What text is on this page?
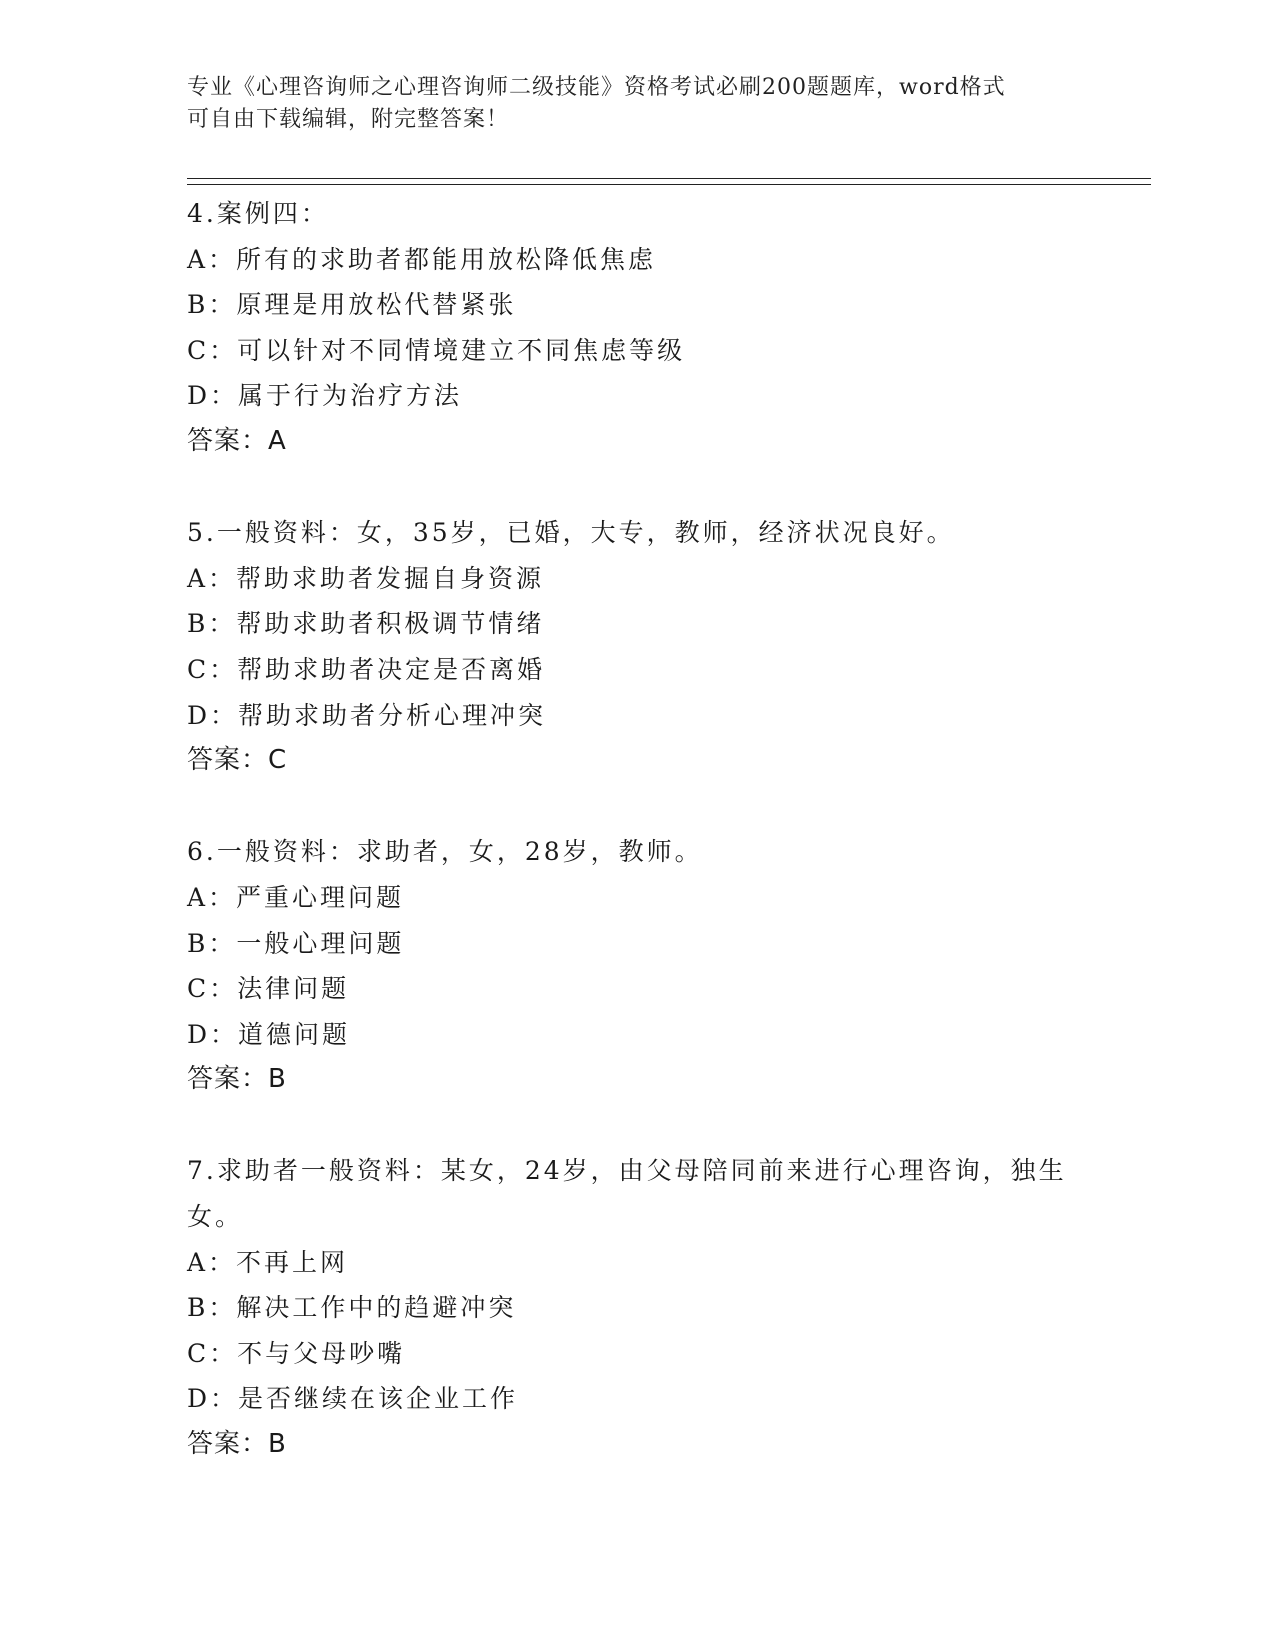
专业《心理咨询师之心理咨询师二级技能》资格考试必刷200题题库，word格式
可自由下载编辑，附完整答案！
4.案例四：
A：所有的求助者都能用放松降低焦虑
B：原理是用放松代替紧张
C：可以针对不同情境建立不同焦虑等级
D：属于行为治疗方法
答案：A
5.一般资料：女，35岁，已婚，大专，教师，经济状况良好。
A：帮助求助者发掘自身资源
B：帮助求助者积极调节情绪
C：帮助求助者决定是否离婚
D：帮助求助者分析心理冲突
答案：C
6.一般资料：求助者，女，28岁，教师。
A：严重心理问题
B：一般心理问题
C：法律问题
D：道德问题
答案：B
7.求助者一般资料：某女，24岁，由父母陪同前来进行心理咨询，独生女。
A：不再上网
B：解决工作中的趋避冲突
C：不与父母吵嘴
D：是否继续在该企业工作
答案：B
